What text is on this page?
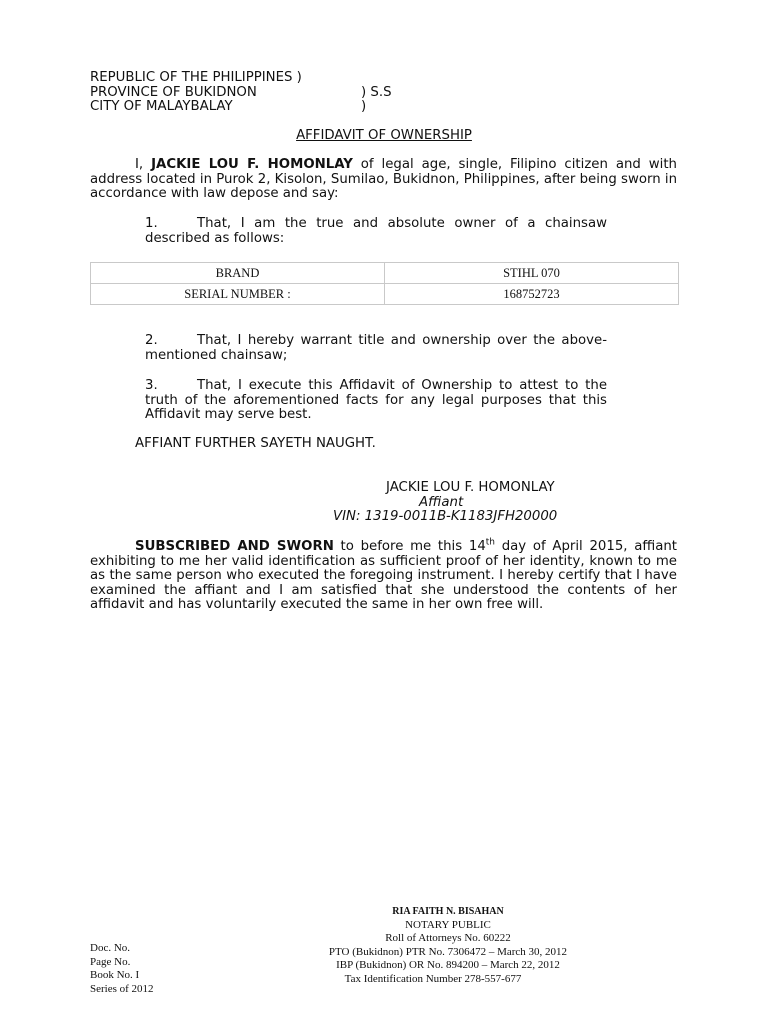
REPUBLIC OF THE PHILIPPINES )
PROVINCE OF BUKIDNON	) S.S
CITY OF MALAYBALAY	)
AFFIDAVIT OF OWNERSHIP
I, JACKIE LOU F. HOMONLAY of legal age, single, Filipino citizen and with address located in Purok 2, Kisolon, Sumilao, Bukidnon, Philippines, after being sworn in accordance with law depose and say:
1.	That, I am the true and absolute owner of a chainsaw described as follows:
BRAND	STIHL 070
SERIAL NUMBER :	168752723
2.	That, I hereby warrant title and ownership over the above-mentioned chainsaw;
3.	That, I execute this Affidavit of Ownership to attest to the truth of the aforementioned facts for any legal purposes that this Affidavit may serve best.
AFFIANT FURTHER SAYETH NAUGHT.
JACKIE LOU F. HOMONLAY
Affiant
VIN: 1319-0011B-K1183JFH20000
SUBSCRIBED AND SWORN to before me this 14th day of April 2015, affiant exhibiting to me her valid identification as sufficient proof of her identity, known to me as the same person who executed the foregoing instrument. I hereby certify that I have examined the affiant and I am satisfied that she understood the contents of her affidavit and has voluntarily executed the same in her own free will.
RIA FAITH N. BISAHAN
NOTARY PUBLIC
Roll of Attorneys No. 60222
PTO (Bukidnon) PTR No. 7306472 – March 30, 2012
IBP (Bukidnon) OR No. 894200 – March 22, 2012
Tax Identification Number 278-557-677
Doc. No.
Page No.
Book No. I
Series of 2012
